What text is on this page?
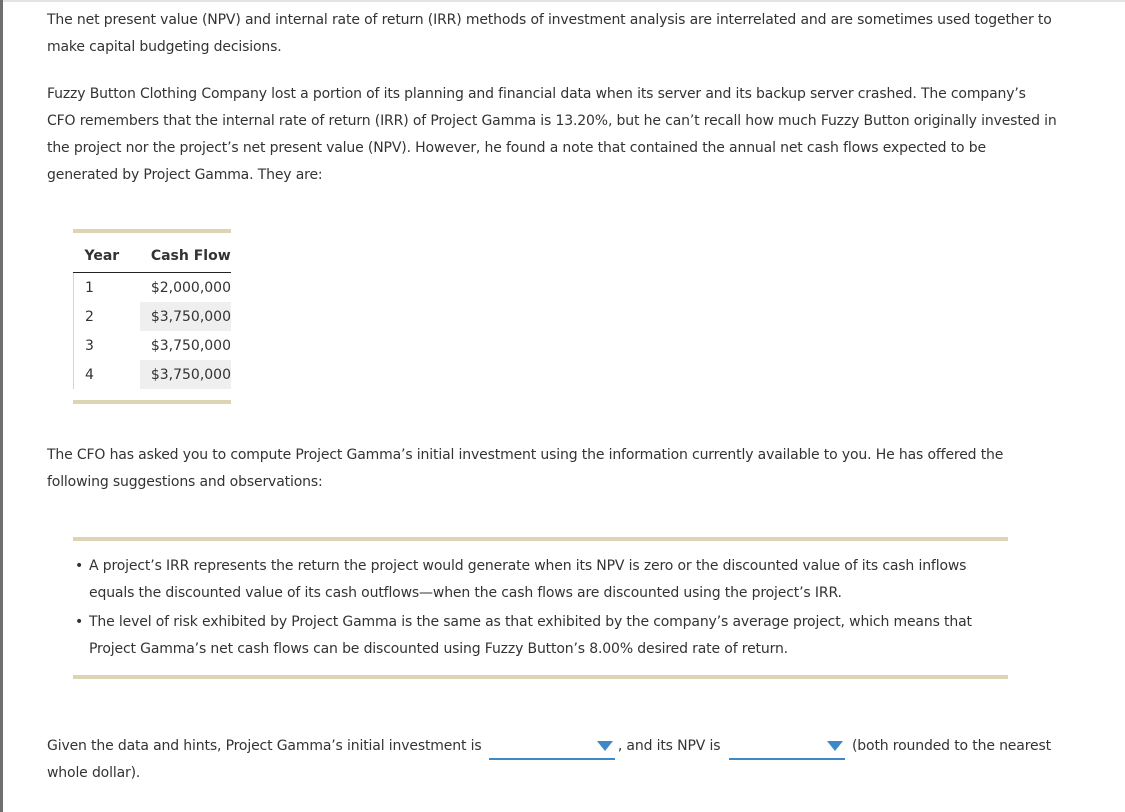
The net present value (NPV) and internal rate of return (IRR) methods of investment analysis are interrelated and are sometimes used together to make capital budgeting decisions.

Fuzzy Button Clothing Company lost a portion of its planning and financial data when its server and its backup server crashed. The company’s CFO remembers that the internal rate of return (IRR) of Project Gamma is 13.20%, but he can’t recall how much Fuzzy Button originally invested in the project nor the project’s net present value (NPV). However, he found a note that contained the annual net cash flows expected to be generated by Project Gamma. They are:

Year	Cash Flow
1	$2,000,000
2	$3,750,000
3	$3,750,000
4	$3,750,000

The CFO has asked you to compute Project Gamma’s initial investment using the information currently available to you. He has offered the following suggestions and observations:

• A project’s IRR represents the return the project would generate when its NPV is zero or the discounted value of its cash inflows equals the discounted value of its cash outflows—when the cash flows are discounted using the project’s IRR.
• The level of risk exhibited by Project Gamma is the same as that exhibited by the company’s average project, which means that Project Gamma’s net cash flows can be discounted using Fuzzy Button’s 8.00% desired rate of return.
Given the data and hints, Project Gamma’s initial investment is	, and its NPV is	(both rounded to the nearest whole dollar).
